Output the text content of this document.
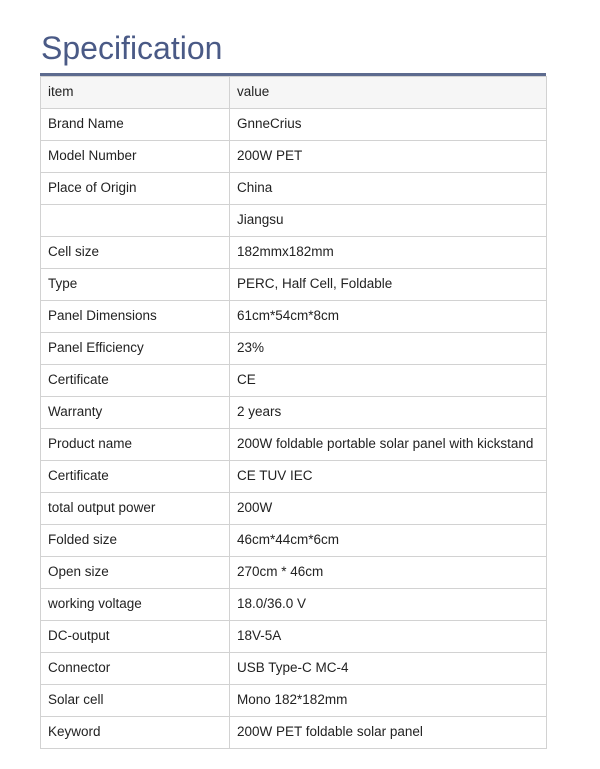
Specification
item	value
Brand Name	GnneCrius
Model Number	200W PET
Place of Origin	China
	Jiangsu
Cell size	182mmx182mm
Type	PERC, Half Cell, Foldable
Panel Dimensions	61cm*54cm*8cm
Panel Efficiency	23%
Certificate	CE
Warranty	2 years
Product name	200W foldable portable solar panel with kickstand
Certificate	CE TUV IEC
total output power	200W
Folded size	46cm*44cm*6cm
Open size	270cm * 46cm
working voltage	18.0/36.0 V
DC-output	18V-5A
Connector	USB Type-C MC-4
Solar cell	Mono 182*182mm
Keyword	200W PET foldable solar panel
